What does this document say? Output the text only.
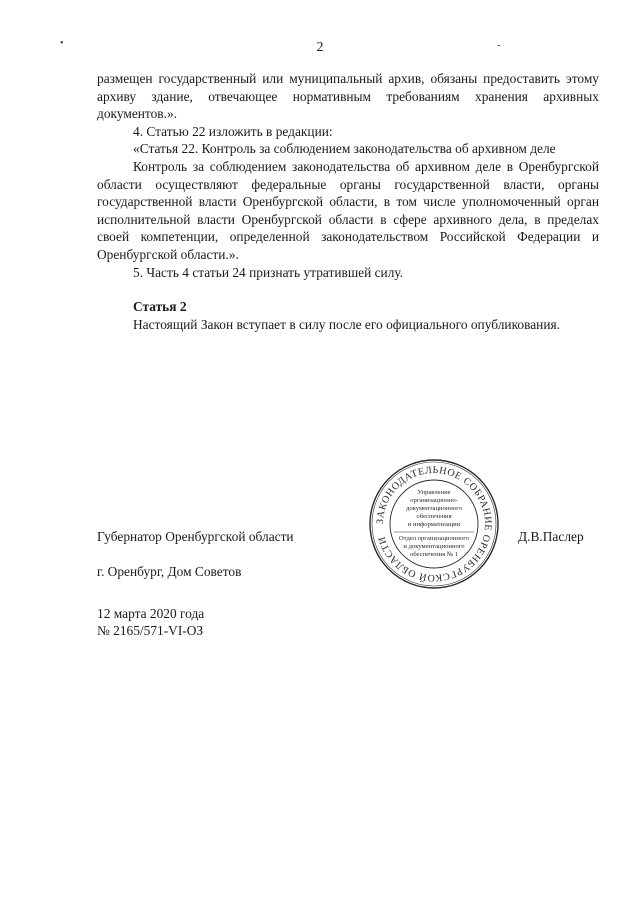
•	-
2

размещен государственный или муниципальный архив, обязаны предоставить этому архиву здание, отвечающее нормативным требованиям хранения архивных документов.».

4. Статью 22 изложить в редакции:

«Статья 22. Контроль за соблюдением законодательства об архивном деле

Контроль за соблюдением законодательства об архивном деле в Оренбургской области осуществляют федеральные органы государственной власти, органы государственной власти Оренбургской области, в том числе уполномоченный орган исполнительной власти Оренбургской области в сфере архивного дела, в пределах своей компетенции, определенной законодательством Российской Федерации и Оренбургской области.».

5. Часть 4 статьи 24 признать утратившей силу.

Статья 2

Настоящий Закон вступает в силу после его официального опубликования.

Губернатор Оренбургской области	Д.В.Паслер
г. Оренбург, Дом Советов
12 марта 2020 года
№ 2165/571-VI-ОЗ
ЗАКОНОДАТЕЛЬНОЕ СОБРАНИЕ ОРЕНБУРГСКОЙ ОБЛАСТИ
Управление
организационно-
документационного
обеспечения
и информатизации
Отдел организационного
и документационного
обеспечения № 1
